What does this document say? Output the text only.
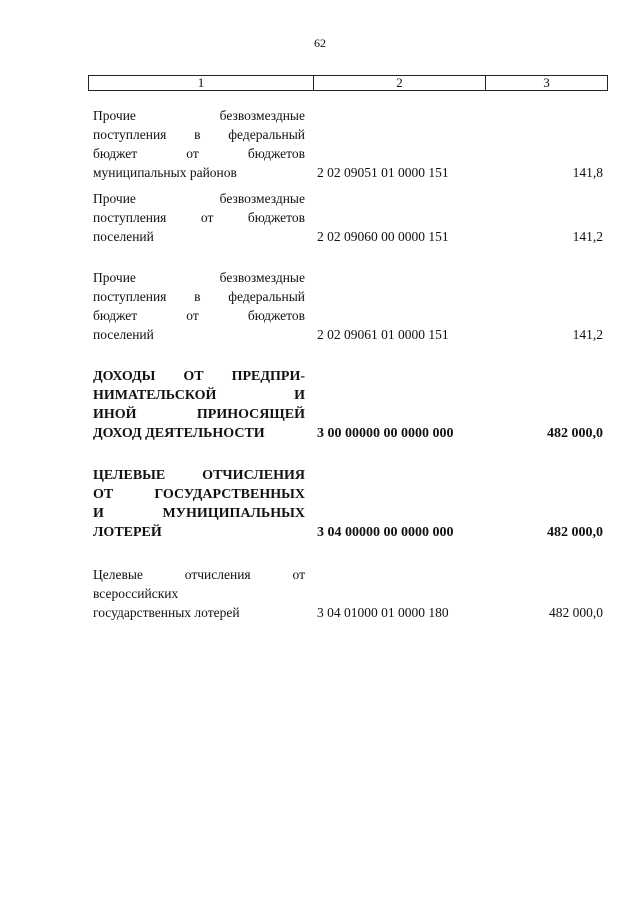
62
1	2	3
Прочие безвозмездные
поступления в федеральный
бюджет от бюджетов
муниципальных районов	2 02 09051 01 0000 151	141,8
Прочие безвозмездные
поступления от бюджетов
поселений	2 02 09060 00 0000 151	141,2
Прочие безвозмездные
поступления в федеральный
бюджет от бюджетов
поселений	2 02 09061 01 0000 151	141,2
ДОХОДЫ ОТ ПРЕДПРИ-
НИМАТЕЛЬСКОЙ И
ИНОЙ ПРИНОСЯЩЕЙ
ДОХОД ДЕЯТЕЛЬНОСТИ	3 00 00000 00 0000 000	482 000,0
ЦЕЛЕВЫЕ ОТЧИСЛЕНИЯ
ОТ ГОСУДАРСТВЕННЫХ
И МУНИЦИПАЛЬНЫХ
ЛОТЕРЕЙ	3 04 00000 00 0000 000	482 000,0
Целевые отчисления от
всероссийских
государственных лотерей	3 04 01000 01 0000 180	482 000,0
